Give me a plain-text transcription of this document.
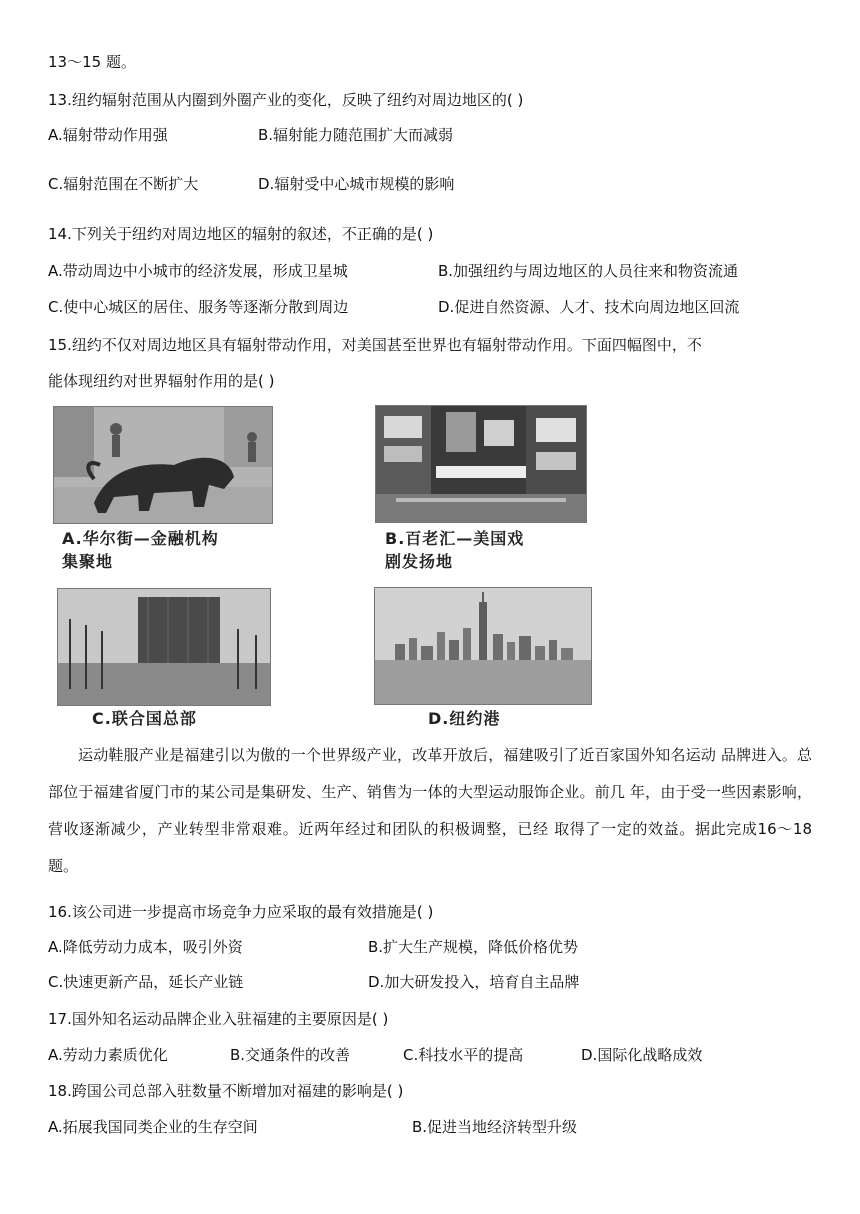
13～15 题。
13.纽约辐射范围从内圈到外圈产业的变化，反映了纽约对周边地区的( )
A.辐射带动作用强	B.辐射能力随范围扩大而减弱
C.辐射范围在不断扩大	D.辐射受中心城市规模的影响
14.下列关于纽约对周边地区的辐射的叙述，不正确的是( )
A.带动周边中小城市的经济发展，形成卫星城	B.加强纽约与周边地区的人员往来和物资流通
C.使中心城区的居住、服务等逐渐分散到周边	D.促进自然资源、人才、技术向周边地区回流
15.纽约不仅对周边地区具有辐射带动作用，对美国甚至世界也有辐射带动作用。下面四幅图中，不
能体现纽约对世界辐射作用的是( )
A.华尔街—金融机构
集聚地
B.百老汇—美国戏
剧发扬地
C.联合国总部	D.纽约港
运动鞋服产业是福建引以为傲的一个世界级产业，改革开放后，福建吸引了近百家国外知名运动 品牌进入。总部位于福建省厦门市的某公司是集研发、生产、销售为一体的大型运动服饰企业。前几 年，由于受一些因素影响，营收逐渐减少，产业转型非常艰难。近两年经过和团队的积极调整，已经 取得了一定的效益。据此完成16～18 题。
16.该公司进一步提高市场竞争力应采取的最有效措施是( )
A.降低劳动力成本，吸引外资	B.扩大生产规模，降低价格优势
C.快速更新产品，延长产业链	D.加大研发投入，培育自主品牌
17.国外知名运动品牌企业入驻福建的主要原因是( )
A.劳动力素质优化	B.交通条件的改善	C.科技水平的提高	D.国际化战略成效
18.跨国公司总部入驻数量不断增加对福建的影响是( )
A.拓展我国同类企业的生存空间	B.促进当地经济转型升级
